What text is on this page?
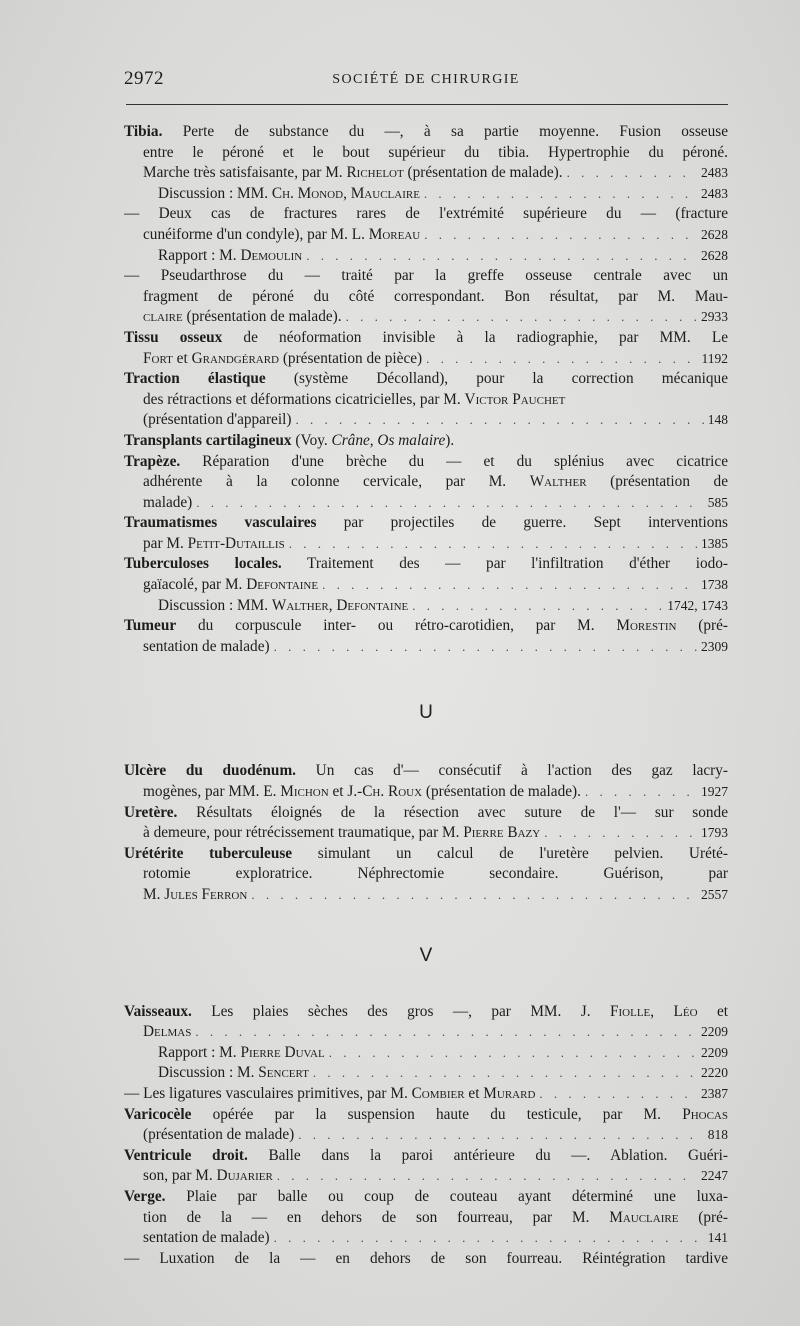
2972	SOCIÉTÉ DE CHIRURGIE
Tibia. Perte de substance du —, à sa partie moyenne. Fusion osseuse
entre le péroné et le bout supérieur du tibia. Hypertrophie du péroné.
Marche très satisfaisante, par M. Richelot (présentation de malade). . . .	2483
Discussion : MM. Ch. Monod, Mauclaire . . .	2483
— Deux cas de fractures rares de l'extrémité supérieure du — (fracture
cunéiforme d'un condyle), par M. L. Moreau . . .	2628
Rapport : M. Demoulin . . .	2628
— Pseudarthrose du — traité par la greffe osseuse centrale avec un
fragment de péroné du côté correspondant. Bon résultat, par M. Mau-
claire (présentation de malade). . . .	2933
Tissu osseux de néoformation invisible à la radiographie, par MM. Le
Fort et Grandgérard (présentation de pièce) . . .	1192
Traction élastique (système Décolland), pour la correction mécanique
des rétractions et déformations cicatricielles, par M. Victor Pauchet
(présentation d'appareil) . . .	148
Transplants cartilagineux (Voy. Crâne, Os malaire).
Trapèze. Réparation d'une brèche du — et du splénius avec cicatrice
adhérente à la colonne cervicale, par M. Walther (présentation de
malade) . . .	585
Traumatismes vasculaires par projectiles de guerre. Sept interventions
par M. Petit-Dutaillis . . .	1385
Tuberculoses locales. Traitement des — par l'infiltration d'éther iodo-
gaïacolé, par M. Defontaine . . .	1738
Discussion : MM. Walther, Defontaine . . .	1742, 1743
Tumeur du corpuscule inter- ou rétro-carotidien, par M. Morestin (pré-
sentation de malade) . . .	2309
U
Ulcère du duodénum. Un cas d'— consécutif à l'action des gaz lacry-
mogènes, par MM. E. Michon et J.-Ch. Roux (présentation de malade). . . .	1927
Uretère. Résultats éloignés de la résection avec suture de l'— sur sonde
à demeure, pour rétrécissement traumatique, par M. Pierre Bazy . . .	1793
Urétérite tuberculeuse simulant un calcul de l'uretère pelvien. Urété-
rotomie exploratrice. Néphrectomie secondaire. Guérison, par
M. Jules Ferron . . .	2557
V
Vaisseaux. Les plaies sèches des gros —, par MM. J. Fiolle, Léo et
Delmas . . .	2209
Rapport : M. Pierre Duval . . .	2209
Discussion : M. Sencert . . .	2220
— Les ligatures vasculaires primitives, par M. Combier et Murard . . .	2387
Varicocèle opérée par la suspension haute du testicule, par M. Phocas
(présentation de malade) . . .	818
Ventricule droit. Balle dans la paroi antérieure du —. Ablation. Guéri-
son, par M. Dujarier . . .	2247
Verge. Plaie par balle ou coup de couteau ayant déterminé une luxa-
tion de la — en dehors de son fourreau, par M. Mauclaire (pré-
sentation de malade) . . .	141
— Luxation de la — en dehors de son fourreau. Réintégration tardive
